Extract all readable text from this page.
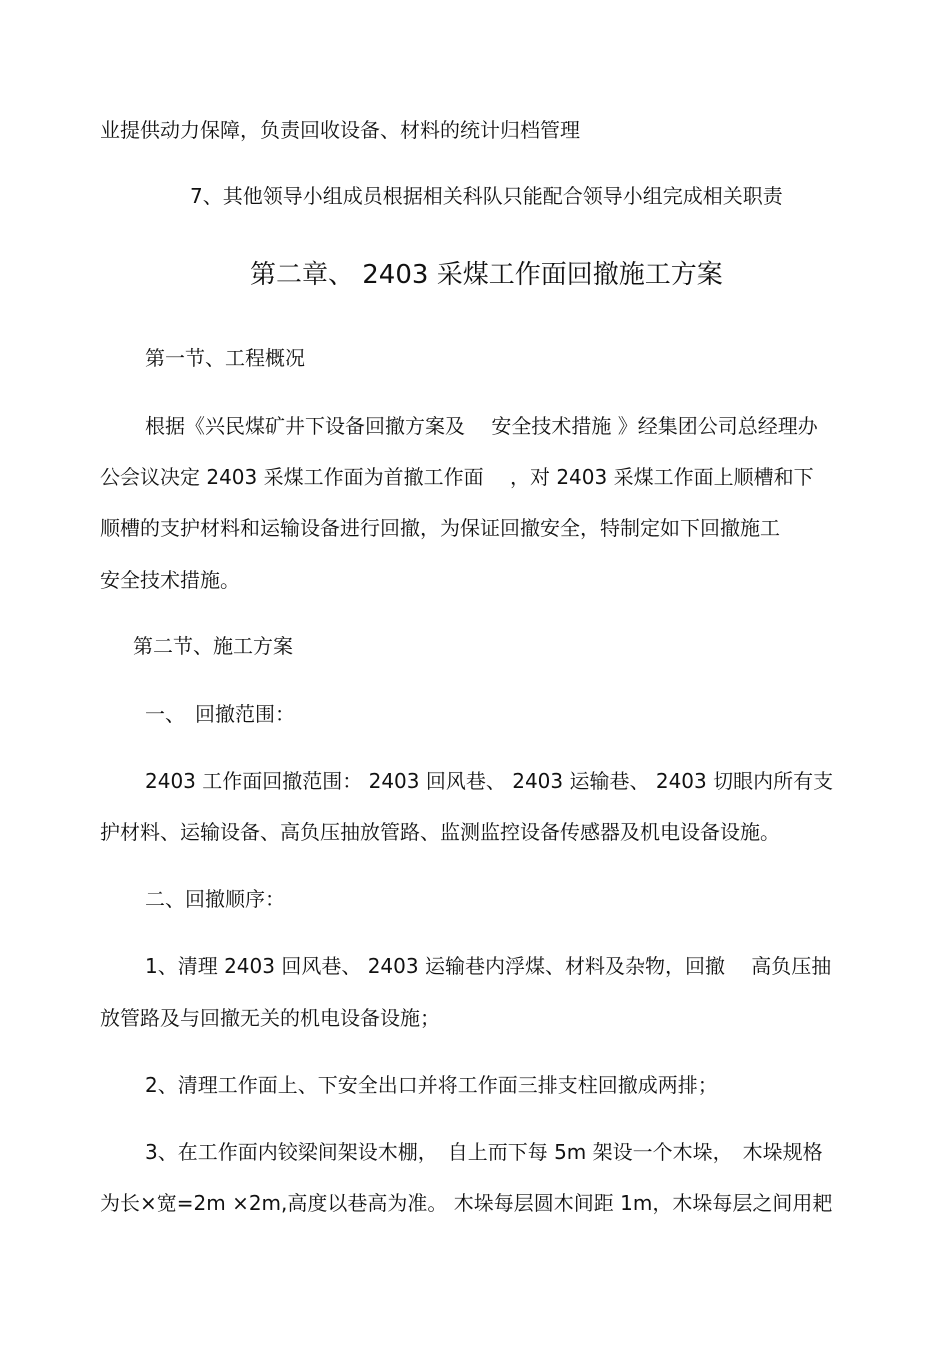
业提供动力保障，负责回收设备、材料的统计归档管理
7、其他领导小组成员根据相关科队只能配合领导小组完成相关职责
第二章、 2403 采煤工作面回撤施工方案
第一节、工程概况
根据《兴民煤矿井下设备回撤方案及　 安全技术措施 》经集团公司总经理办
公会议决定 2403 采煤工作面为首撤工作面　 ，对 2403 采煤工作面上顺槽和下
顺槽的支护材料和运输设备进行回撤，为保证回撤安全，特制定如下回撤施工
安全技术措施。
第二节、施工方案
一、　回撤范围：
2403 工作面回撤范围： 2403 回风巷、 2403 运输巷、 2403 切眼内所有支
护材料、运输设备、高负压抽放管路、监测监控设备传感器及机电设备设施。
二、回撤顺序：
1、清理 2403 回风巷、 2403 运输巷内浮煤、材料及杂物，回撤　 高负压抽
放管路及与回撤无关的机电设备设施；
2、清理工作面上、下安全出口并将工作面三排支柱回撤成两排；
3、在工作面内铰梁间架设木棚，　自上而下每 5m 架设一个木垛，　木垛规格
为长×宽=2m ×2m,高度以巷高为准。 木垛每层圆木间距 1m，木垛每层之间用耙
